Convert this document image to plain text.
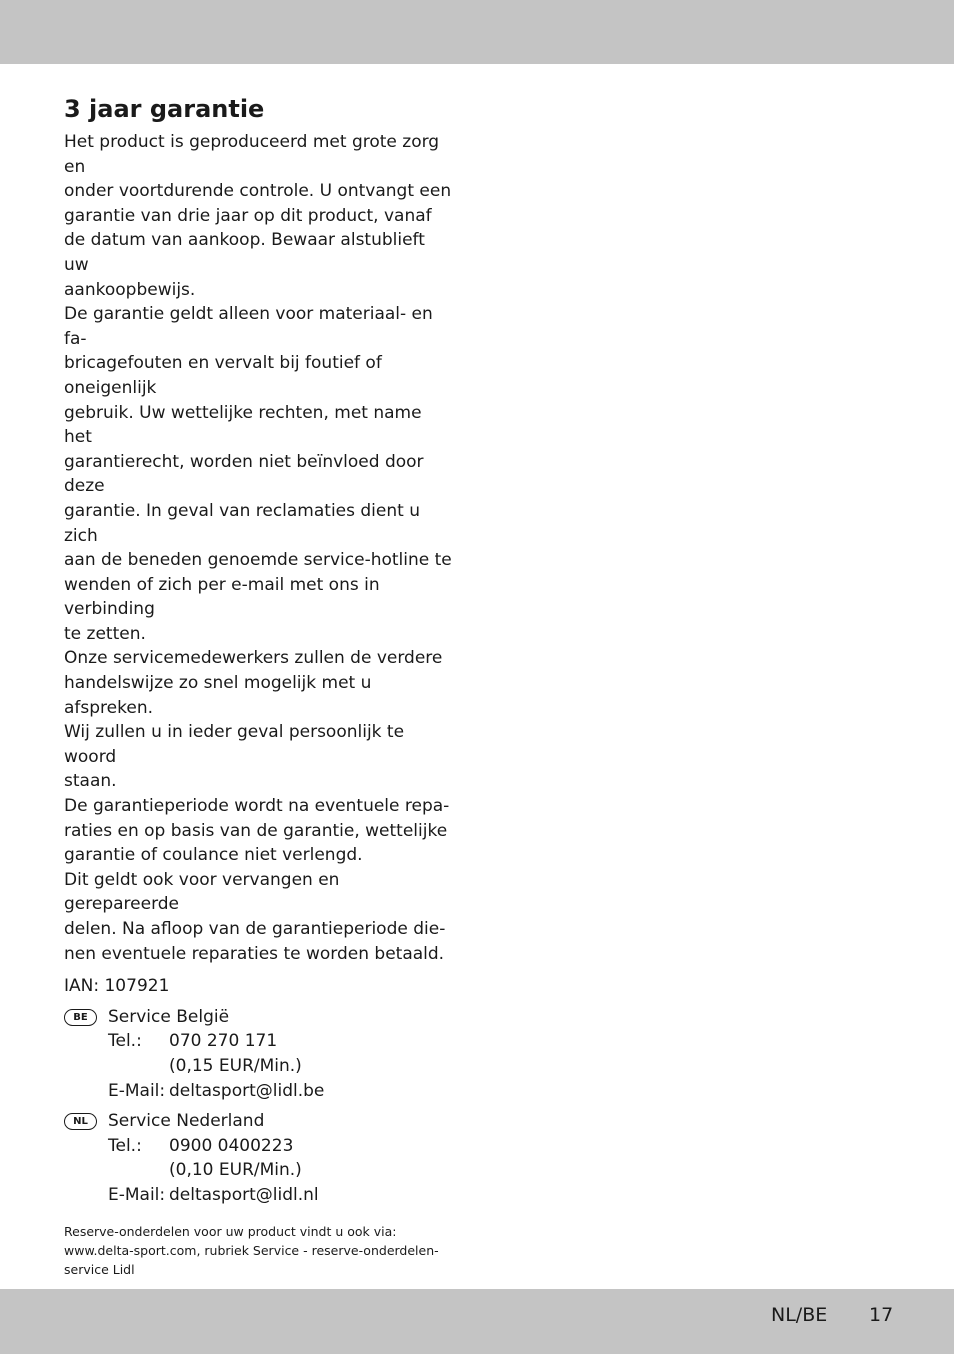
3 jaar garantie
Het product is geproduceerd met grote zorg en
onder voortdurende controle. U ontvangt een
garantie van drie jaar op dit product, vanaf
de datum van aankoop. Bewaar alstublieft uw
aankoopbewijs.
De garantie geldt alleen voor materiaal- en fa-
bricagefouten en vervalt bij foutief of oneigenlijk
gebruik. Uw wettelijke rechten, met name het
garantierecht, worden niet beïnvloed door deze
garantie. In geval van reclamaties dient u zich
aan de beneden genoemde service-hotline te
wenden of zich per e-mail met ons in verbinding
te zetten.
Onze servicemedewerkers zullen de verdere
handelswijze zo snel mogelijk met u afspreken.
Wij zullen u in ieder geval persoonlijk te woord
staan.
De garantieperiode wordt na eventuele repa-
raties en op basis van de garantie, wettelijke
garantie of coulance niet verlengd.
Dit geldt ook voor vervangen en gerepareerde
delen. Na afloop van de garantieperiode die-
nen eventuele reparaties te worden betaald.
IAN: 107921
BE	Service België
Tel.:	070 270 171
(0,15 EUR/Min.)
E-Mail: deltasport@lidl.be
NL	Service Nederland
Tel.:	0900 0400223
(0,10 EUR/Min.)
E-Mail: deltasport@lidl.nl
Reserve-onderdelen voor uw product vindt u ook via:
www.delta-sport.com, rubriek Service - reserve-onderdelen-
service Lidl
NL/BE 17
